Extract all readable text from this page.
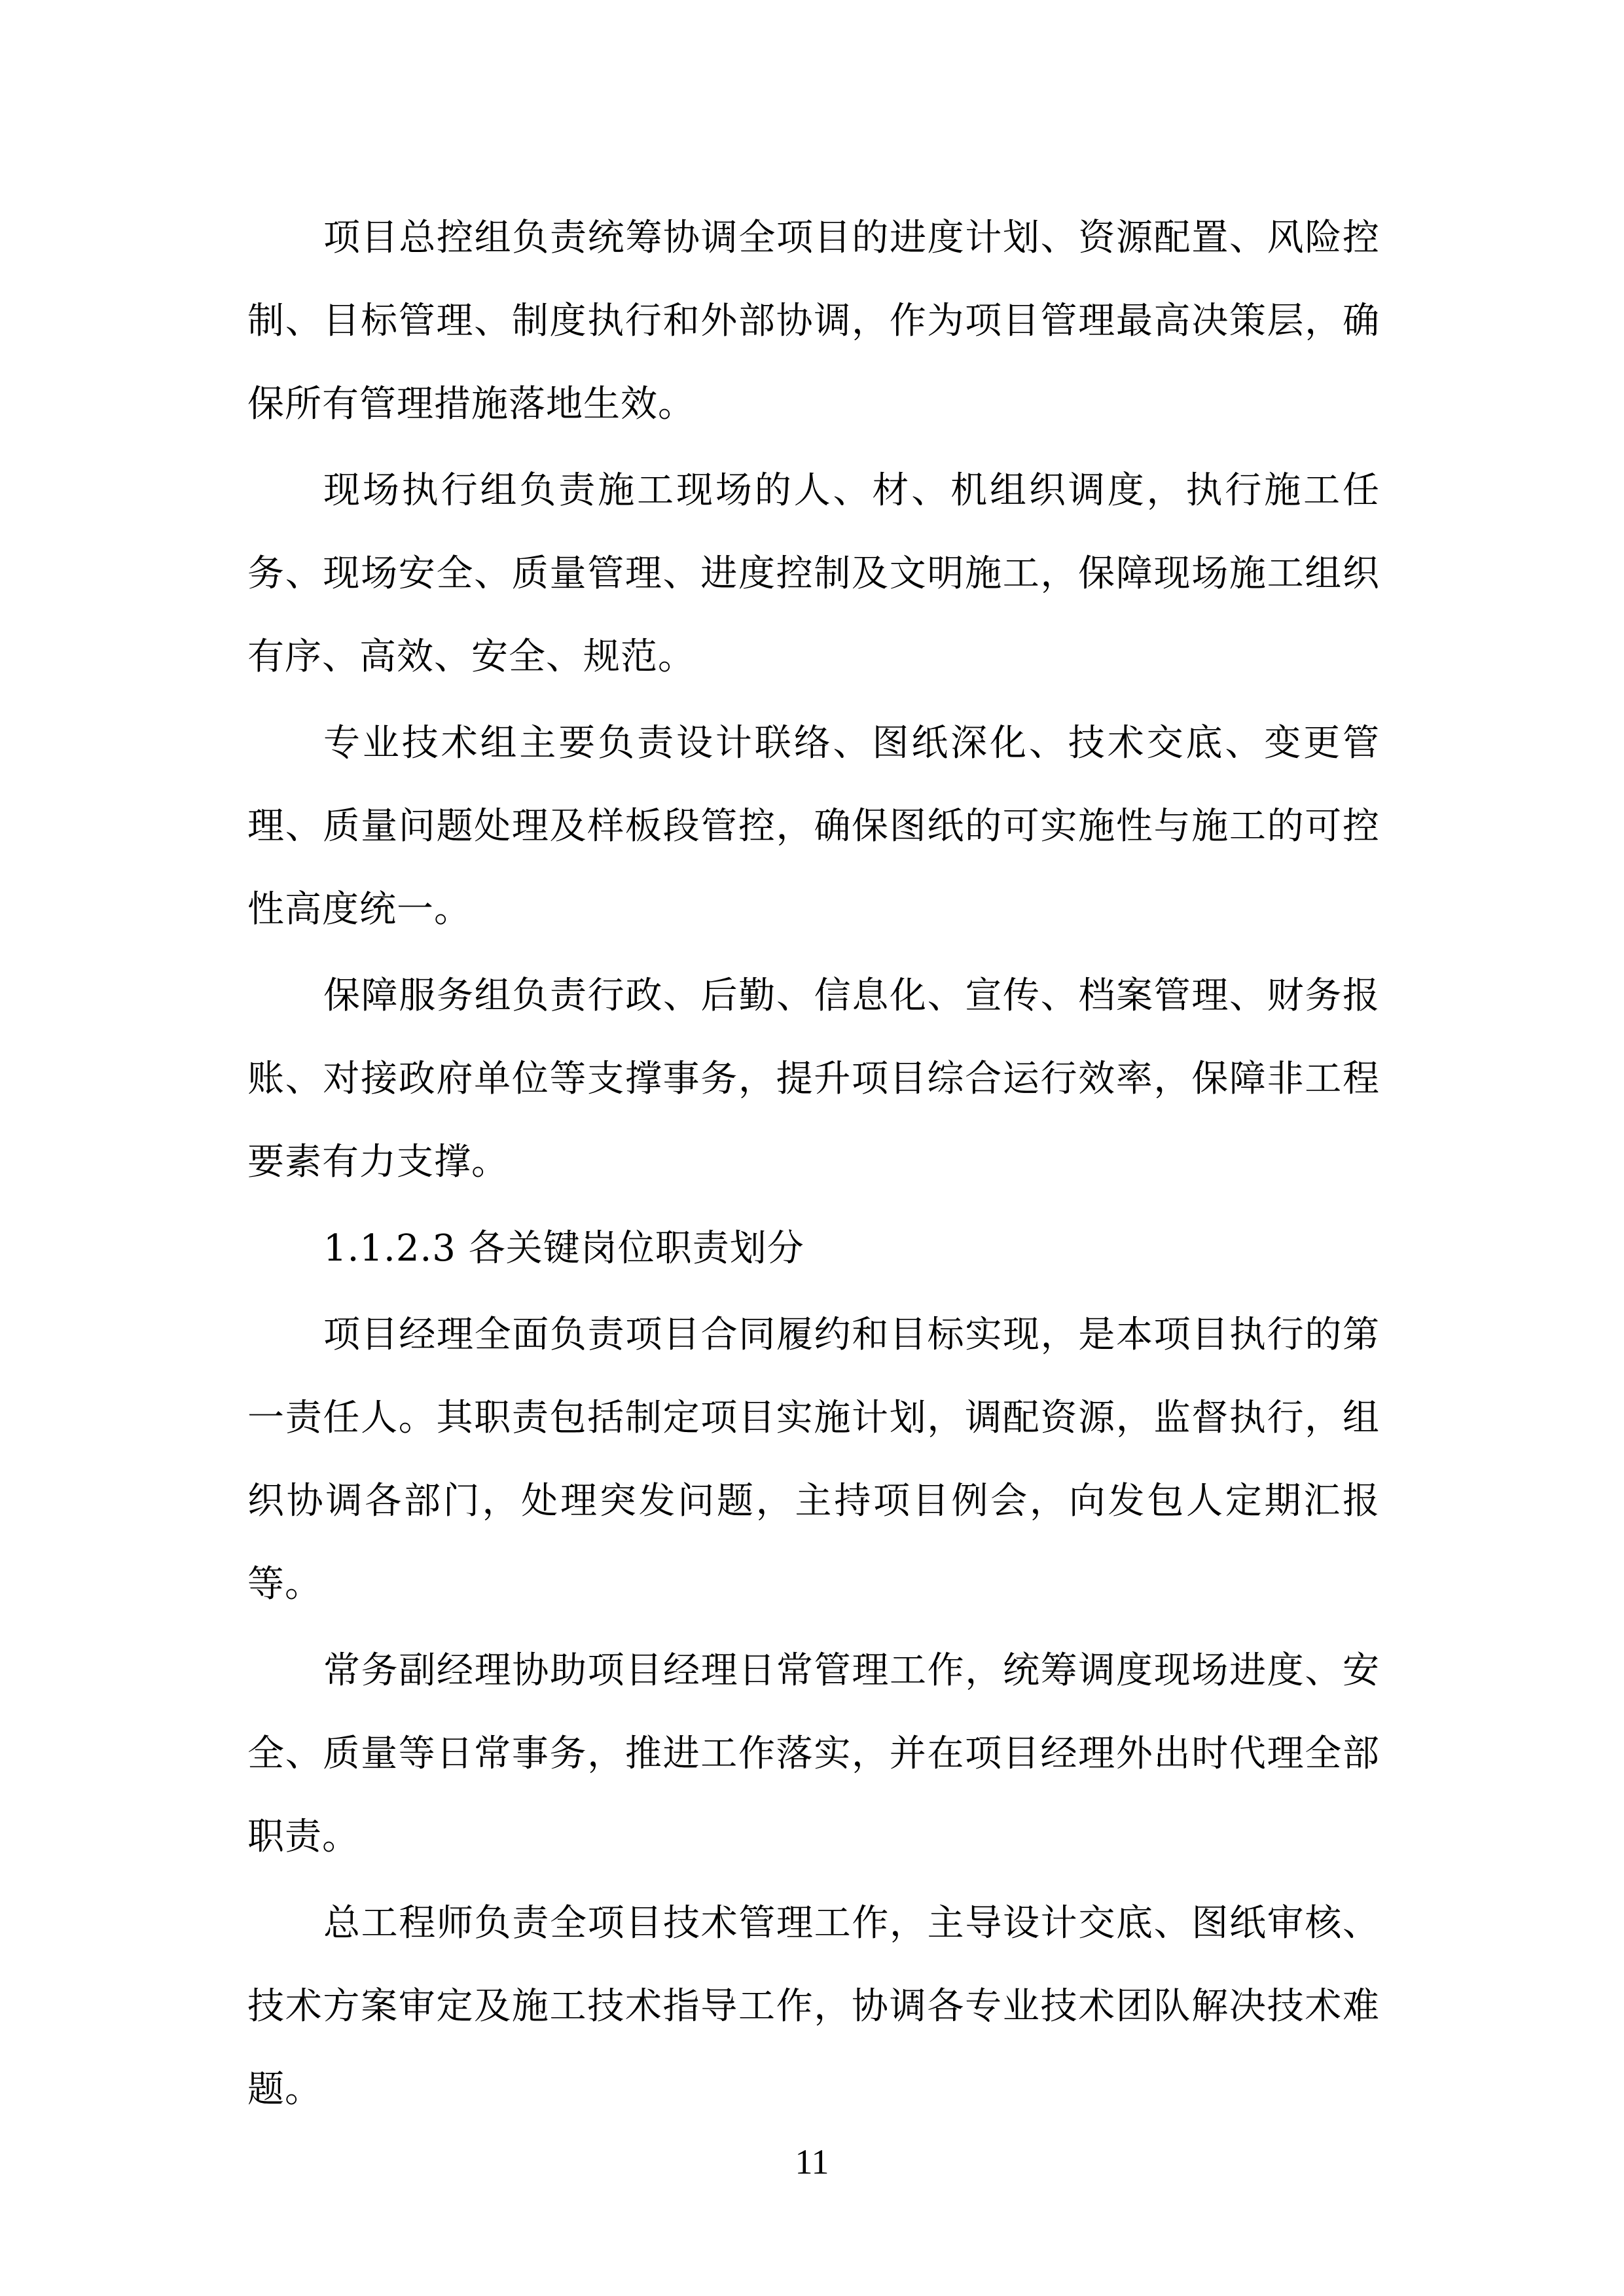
项目总控组负责统筹协调全项目的进度计划、资源配置、风险控制、目标管理、制度执行和外部协调，作为项目管理最高决策层，确保所有管理措施落地生效。

现场执行组负责施工现场的人、材、机组织调度，执行施工任务、现场安全、质量管理、进度控制及文明施工，保障现场施工组织有序、高效、安全、规范。

专业技术组主要负责设计联络、图纸深化、技术交底、变更管理、质量问题处理及样板段管控，确保图纸的可实施性与施工的可控性高度统一。

保障服务组负责行政、后勤、信息化、宣传、档案管理、财务报账、对接政府单位等支撑事务，提升项目综合运行效率，保障非工程要素有力支撑。

1.1.2.3 各关键岗位职责划分

项目经理全面负责项目合同履约和目标实现，是本项目执行的第一责任人。其职责包括制定项目实施计划，调配资源，监督执行，组织协调各部门，处理突发问题，主持项目例会，向发包人定期汇报等。

常务副经理协助项目经理日常管理工作，统筹调度现场进度、安全、质量等日常事务，推进工作落实，并在项目经理外出时代理全部职责。

总工程师负责全项目技术管理工作，主导设计交底、图纸审核、技术方案审定及施工技术指导工作，协调各专业技术团队解决技术难题。

11
